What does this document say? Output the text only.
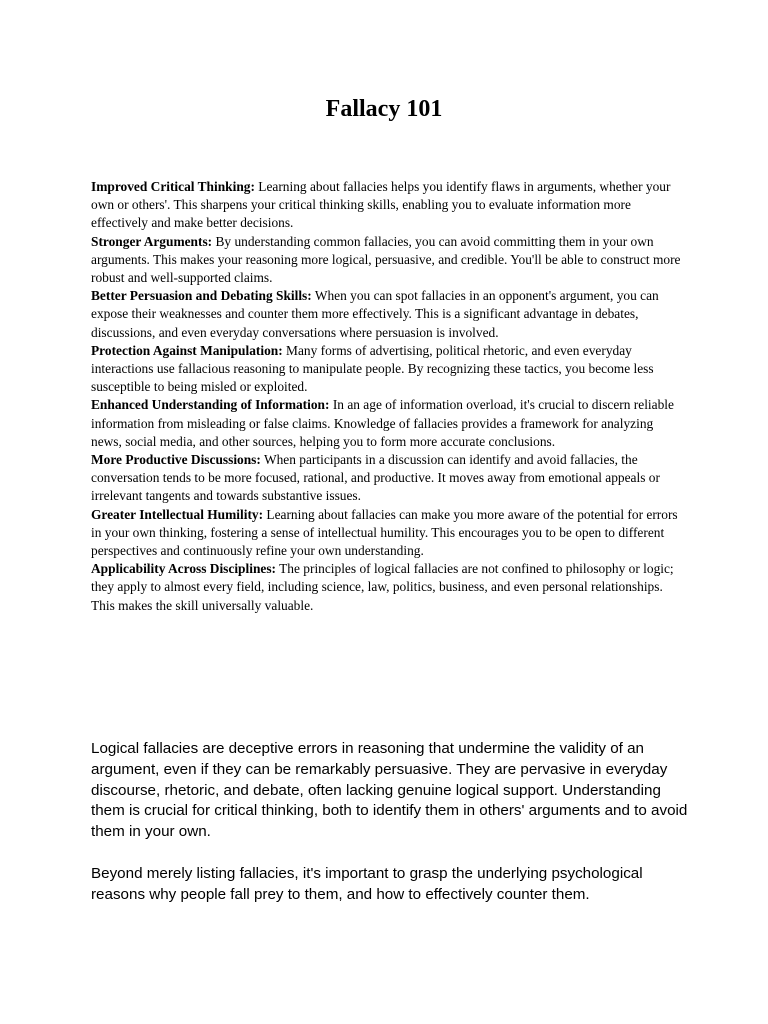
Fallacy 101

Improved Critical Thinking: Learning about fallacies helps you identify flaws in arguments, whether your own or others'. This sharpens your critical thinking skills, enabling you to evaluate information more effectively and make better decisions.

Stronger Arguments: By understanding common fallacies, you can avoid committing them in your own arguments. This makes your reasoning more logical, persuasive, and credible. You'll be able to construct more robust and well-supported claims.

Better Persuasion and Debating Skills: When you can spot fallacies in an opponent's argument, you can expose their weaknesses and counter them more effectively. This is a significant advantage in debates, discussions, and even everyday conversations where persuasion is involved.

Protection Against Manipulation: Many forms of advertising, political rhetoric, and even everyday interactions use fallacious reasoning to manipulate people. By recognizing these tactics, you become less susceptible to being misled or exploited.

Enhanced Understanding of Information: In an age of information overload, it's crucial to discern reliable information from misleading or false claims. Knowledge of fallacies provides a framework for analyzing news, social media, and other sources, helping you to form more accurate conclusions.

More Productive Discussions: When participants in a discussion can identify and avoid fallacies, the conversation tends to be more focused, rational, and productive. It moves away from emotional appeals or irrelevant tangents and towards substantive issues.

Greater Intellectual Humility: Learning about fallacies can make you more aware of the potential for errors in your own thinking, fostering a sense of intellectual humility. This encourages you to be open to different perspectives and continuously refine your own understanding.

Applicability Across Disciplines: The principles of logical fallacies are not confined to philosophy or logic; they apply to almost every field, including science, law, politics, business, and even personal relationships. This makes the skill universally valuable.

Logical fallacies are deceptive errors in reasoning that undermine the validity of an argument, even if they can be remarkably persuasive. They are pervasive in everyday discourse, rhetoric, and debate, often lacking genuine logical support. Understanding them is crucial for critical thinking, both to identify them in others' arguments and to avoid them in your own.

Beyond merely listing fallacies, it's important to grasp the underlying psychological reasons why people fall prey to them, and how to effectively counter them.
